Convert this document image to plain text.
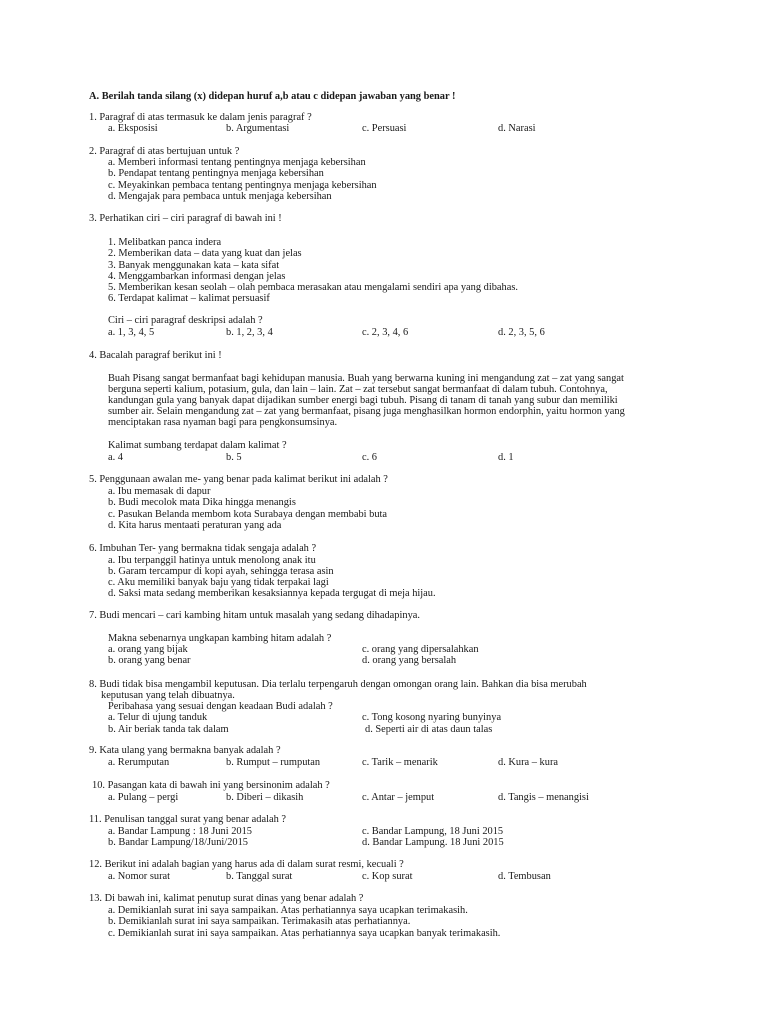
A. Berilah tanda silang (x) didepan huruf a,b atau c didepan jawaban yang benar !
1. Paragraf di atas termasuk ke dalam jenis paragraf ?
a. Eksposisi	b. Argumentasi	c. Persuasi	d. Narasi
2. Paragraf di atas bertujuan untuk ?
a. Memberi informasi tentang pentingnya menjaga kebersihan
b. Pendapat tentang pentingnya menjaga kebersihan
c. Meyakinkan pembaca tentang pentingnya menjaga kebersihan
d. Mengajak para pembaca untuk menjaga kebersihan
3. Perhatikan ciri – ciri paragraf di bawah ini !
1. Melibatkan panca indera
2. Memberikan data – data yang kuat dan jelas
3. Banyak menggunakan kata – kata sifat
4. Menggambarkan informasi dengan jelas
5. Memberikan kesan seolah – olah pembaca merasakan atau mengalami sendiri apa yang dibahas.
6. Terdapat kalimat – kalimat persuasif
Ciri – ciri paragraf deskripsi adalah ?
a. 1, 3, 4, 5	b. 1, 2, 3, 4	c. 2, 3, 4, 6	d. 2, 3, 5, 6
4. Bacalah paragraf berikut ini !
Buah Pisang sangat bermanfaat bagi kehidupan manusia. Buah yang berwarna kuning ini mengandung zat – zat yang sangat
berguna seperti kalium, potasium, gula, dan lain – lain. Zat – zat tersebut sangat bermanfaat di dalam tubuh. Contohnya,
kandungan gula yang banyak dapat dijadikan sumber energi bagi tubuh. Pisang di tanam di tanah yang subur dan memiliki
sumber air. Selain mengandung zat – zat yang bermanfaat, pisang juga menghasilkan hormon endorphin, yaitu hormon yang
menciptakan rasa nyaman bagi para pengkonsumsinya.
Kalimat sumbang terdapat dalam kalimat ?
a. 4	b. 5	c. 6	d. 1
5. Penggunaan awalan me- yang benar pada kalimat berikut ini adalah ?
a. Ibu memasak di dapur
b. Budi mecolok mata Dika hingga menangis
c. Pasukan Belanda membom kota Surabaya dengan membabi buta
d. Kita harus mentaati peraturan yang ada
6. Imbuhan Ter- yang bermakna tidak sengaja adalah ?
a. Ibu terpanggil hatinya untuk menolong anak itu
b. Garam tercampur di kopi ayah, sehingga terasa asin
c. Aku memiliki banyak baju yang tidak terpakai lagi
d. Saksi mata sedang memberikan kesaksiannya kepada tergugat di meja hijau.
7. Budi mencari – cari kambing hitam untuk masalah yang sedang dihadapinya.
Makna sebenarnya ungkapan kambing hitam adalah ?
a. orang yang bijak
b. orang yang benar
c. orang yang dipersalahkan
d. orang yang bersalah
8. Budi tidak bisa mengambil keputusan. Dia terlalu terpengaruh dengan omongan orang lain. Bahkan dia bisa merubah
keputusan yang telah dibuatnya.
Peribahasa yang sesuai dengan keadaan Budi adalah ?
a. Telur di ujung tanduk
b. Air beriak tanda tak dalam
c. Tong kosong nyaring bunyinya
d. Seperti air di atas daun talas
9. Kata ulang yang bermakna banyak adalah ?
a. Rerumputan	b. Rumput – rumputan	c. Tarik – menarik	d. Kura – kura
10. Pasangan kata di bawah ini yang bersinonim adalah ?
a. Pulang – pergi	b. Diberi – dikasih	c. Antar – jemput	d. Tangis – menangisi
11. Penulisan tanggal surat yang benar adalah ?
a. Bandar Lampung : 18 Juni 2015
b. Bandar Lampung/18/Juni/2015
c. Bandar Lampung, 18 Juni 2015
d. Bandar Lampung. 18 Juni 2015
12. Berikut ini adalah bagian yang harus ada di dalam surat resmi, kecuali ?
a. Nomor surat	b. Tanggal surat	c. Kop surat	d. Tembusan
13. Di bawah ini, kalimat penutup surat dinas yang benar adalah ?
a. Demikianlah surat ini saya sampaikan. Atas perhatiannya saya ucapkan terimakasih.
b. Demikianlah surat ini saya sampaikan. Terimakasih atas perhatiannya.
c. Demikianlah surat ini saya sampaikan. Atas perhatiannya saya ucapkan banyak terimakasih.
